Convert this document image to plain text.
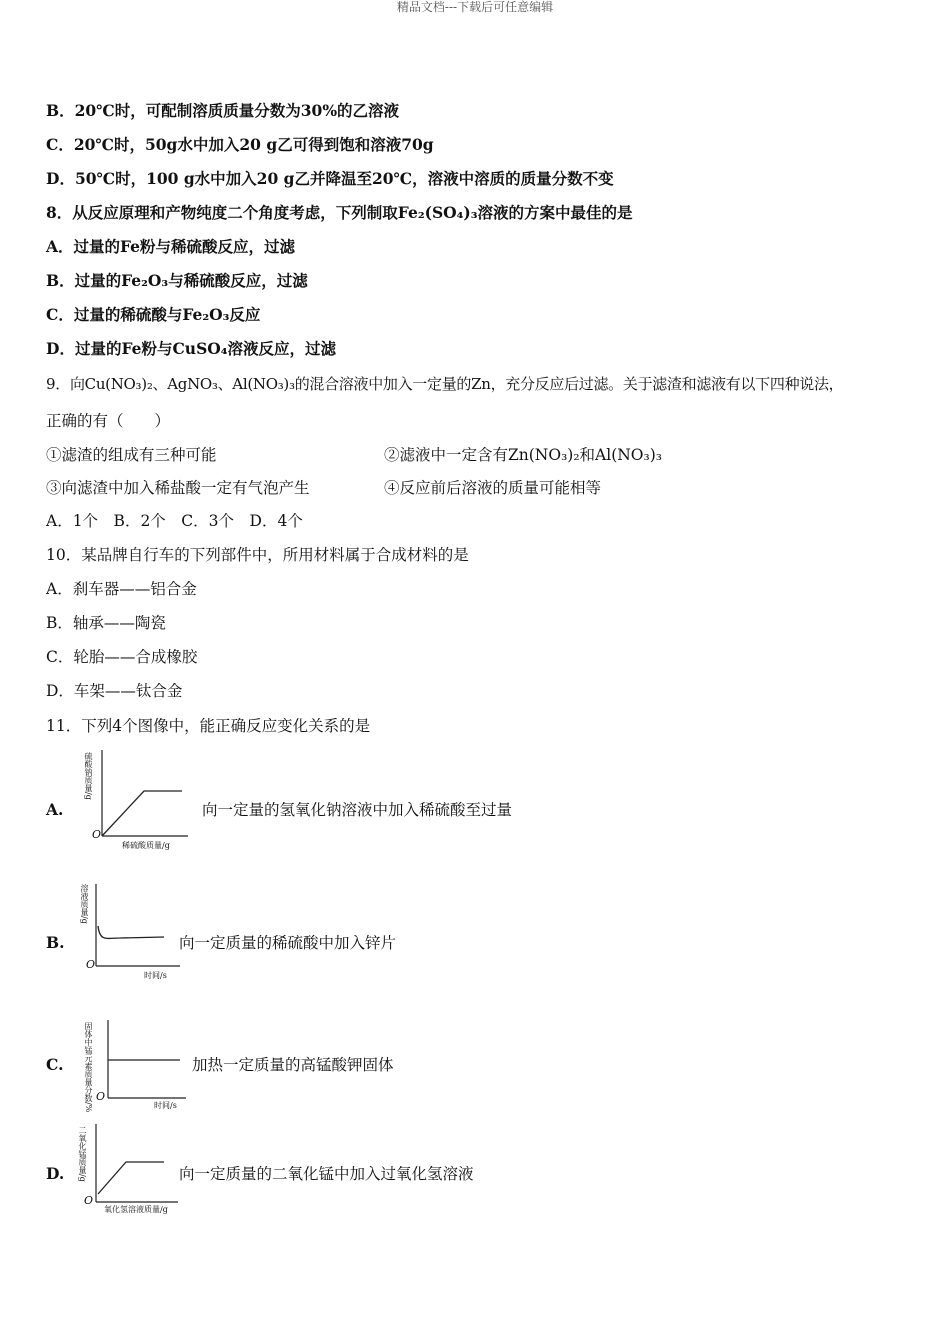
精品文档---下载后可任意编辑
B．20℃时，可配制溶质质量分数为30%的乙溶液
C．20℃时，50g水中加入20 g乙可得到饱和溶液70g
D．50℃时，100 g水中加入20 g乙并降温至20℃，溶液中溶质的质量分数不变
8．从反应原理和产物纯度二个角度考虑，下列制取Fe₂(SO₄)₃溶液的方案中最佳的是
A．过量的Fe粉与稀硫酸反应，过滤
B．过量的Fe₂O₃与稀硫酸反应，过滤
C．过量的稀硫酸与Fe₂O₃反应
D．过量的Fe粉与CuSO₄溶液反应，过滤
9．向Cu(NO₃)₂、AgNO₃、Al(NO₃)₃的混合溶液中加入一定量的Zn，充分反应后过滤。关于滤渣和滤液有以下四种说法，
正确的有（　　）
①滤渣的组成有三种可能	②滤液中一定含有Zn(NO₃)₂和Al(NO₃)₃
③向滤渣中加入稀盐酸一定有气泡产生	④反应前后溶液的质量可能相等
A．1个　B．2个　C．3个　D．4个
10．某品牌自行车的下列部件中，所用材料属于合成材料的是
A．刹车器——铝合金
B．轴承——陶瓷
C．轮胎——合成橡胶
D．车架——钛合金
11．下列4个图像中，能正确反应变化关系的是
A.
硫酸钠质量/g
O
稀硫酸质量/g
向一定量的氢氧化钠溶液中加入稀硫酸至过量
B.
溶液质量/g
O
时间/s
向一定质量的稀硫酸中加入锌片
C.	固体中锰元素质量分数/% O
时间/s
加热一定质量的高锰酸钾固体
D. 二氧化锰质量/g
O
氧化氢溶液质量/g
向一定质量的二氧化锰中加入过氧化氢溶液
